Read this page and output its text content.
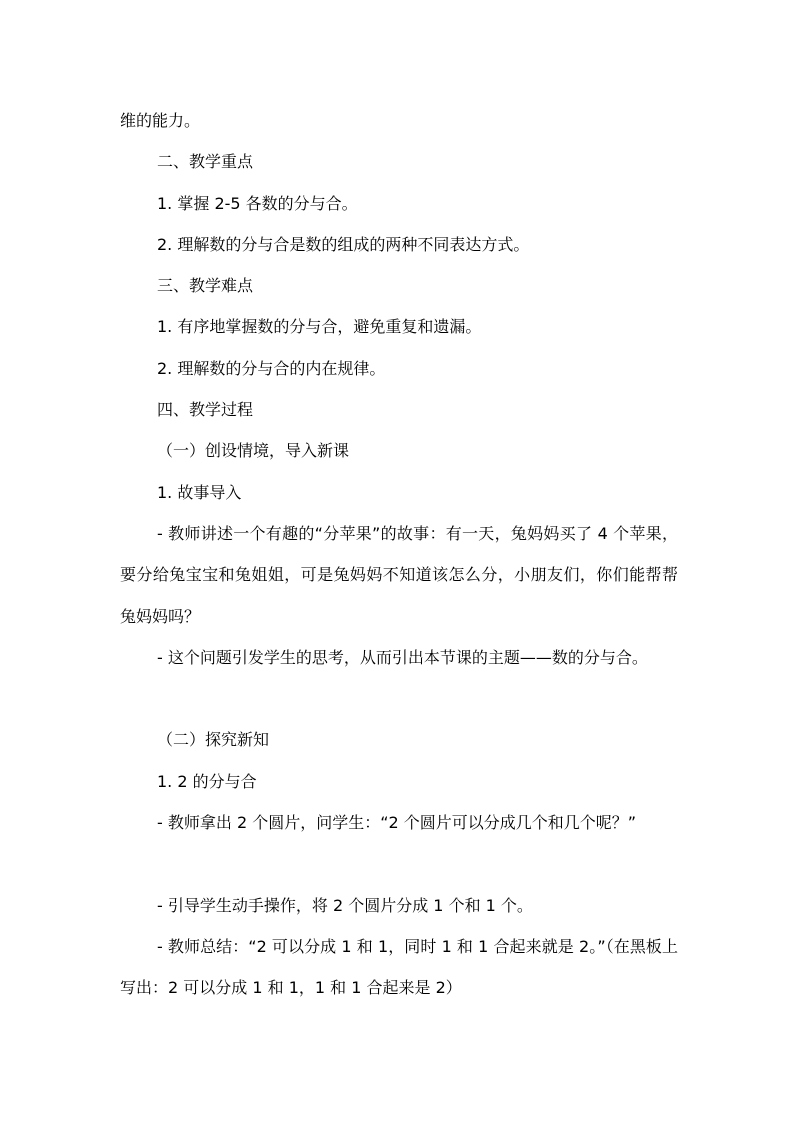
维的能力。

二、教学重点

1. 掌握 2-5 各数的分与合。

2. 理解数的分与合是数的组成的两种不同表达方式。

三、教学难点

1. 有序地掌握数的分与合，避免重复和遗漏。

2. 理解数的分与合的内在规律。

四、教学过程

（一）创设情境，导入新课

1. 故事导入

- 教师讲述一个有趣的“分苹果”的故事：有一天，兔妈妈买了 4 个苹果，要分给兔宝宝和兔姐姐，可是兔妈妈不知道该怎么分，小朋友们，你们能帮帮兔妈妈吗？

- 这个问题引发学生的思考，从而引出本节课的主题——数的分与合。

（二）探究新知

1. 2 的分与合

- 教师拿出 2 个圆片，问学生：“2 个圆片可以分成几个和几个呢？”

- 引导学生动手操作，将 2 个圆片分成 1 个和 1 个。

- 教师总结：“2 可以分成 1 和 1，同时 1 和 1 合起来就是 2。”（在黑板上写出：2 可以分成 1 和 1，1 和 1 合起来是 2）
